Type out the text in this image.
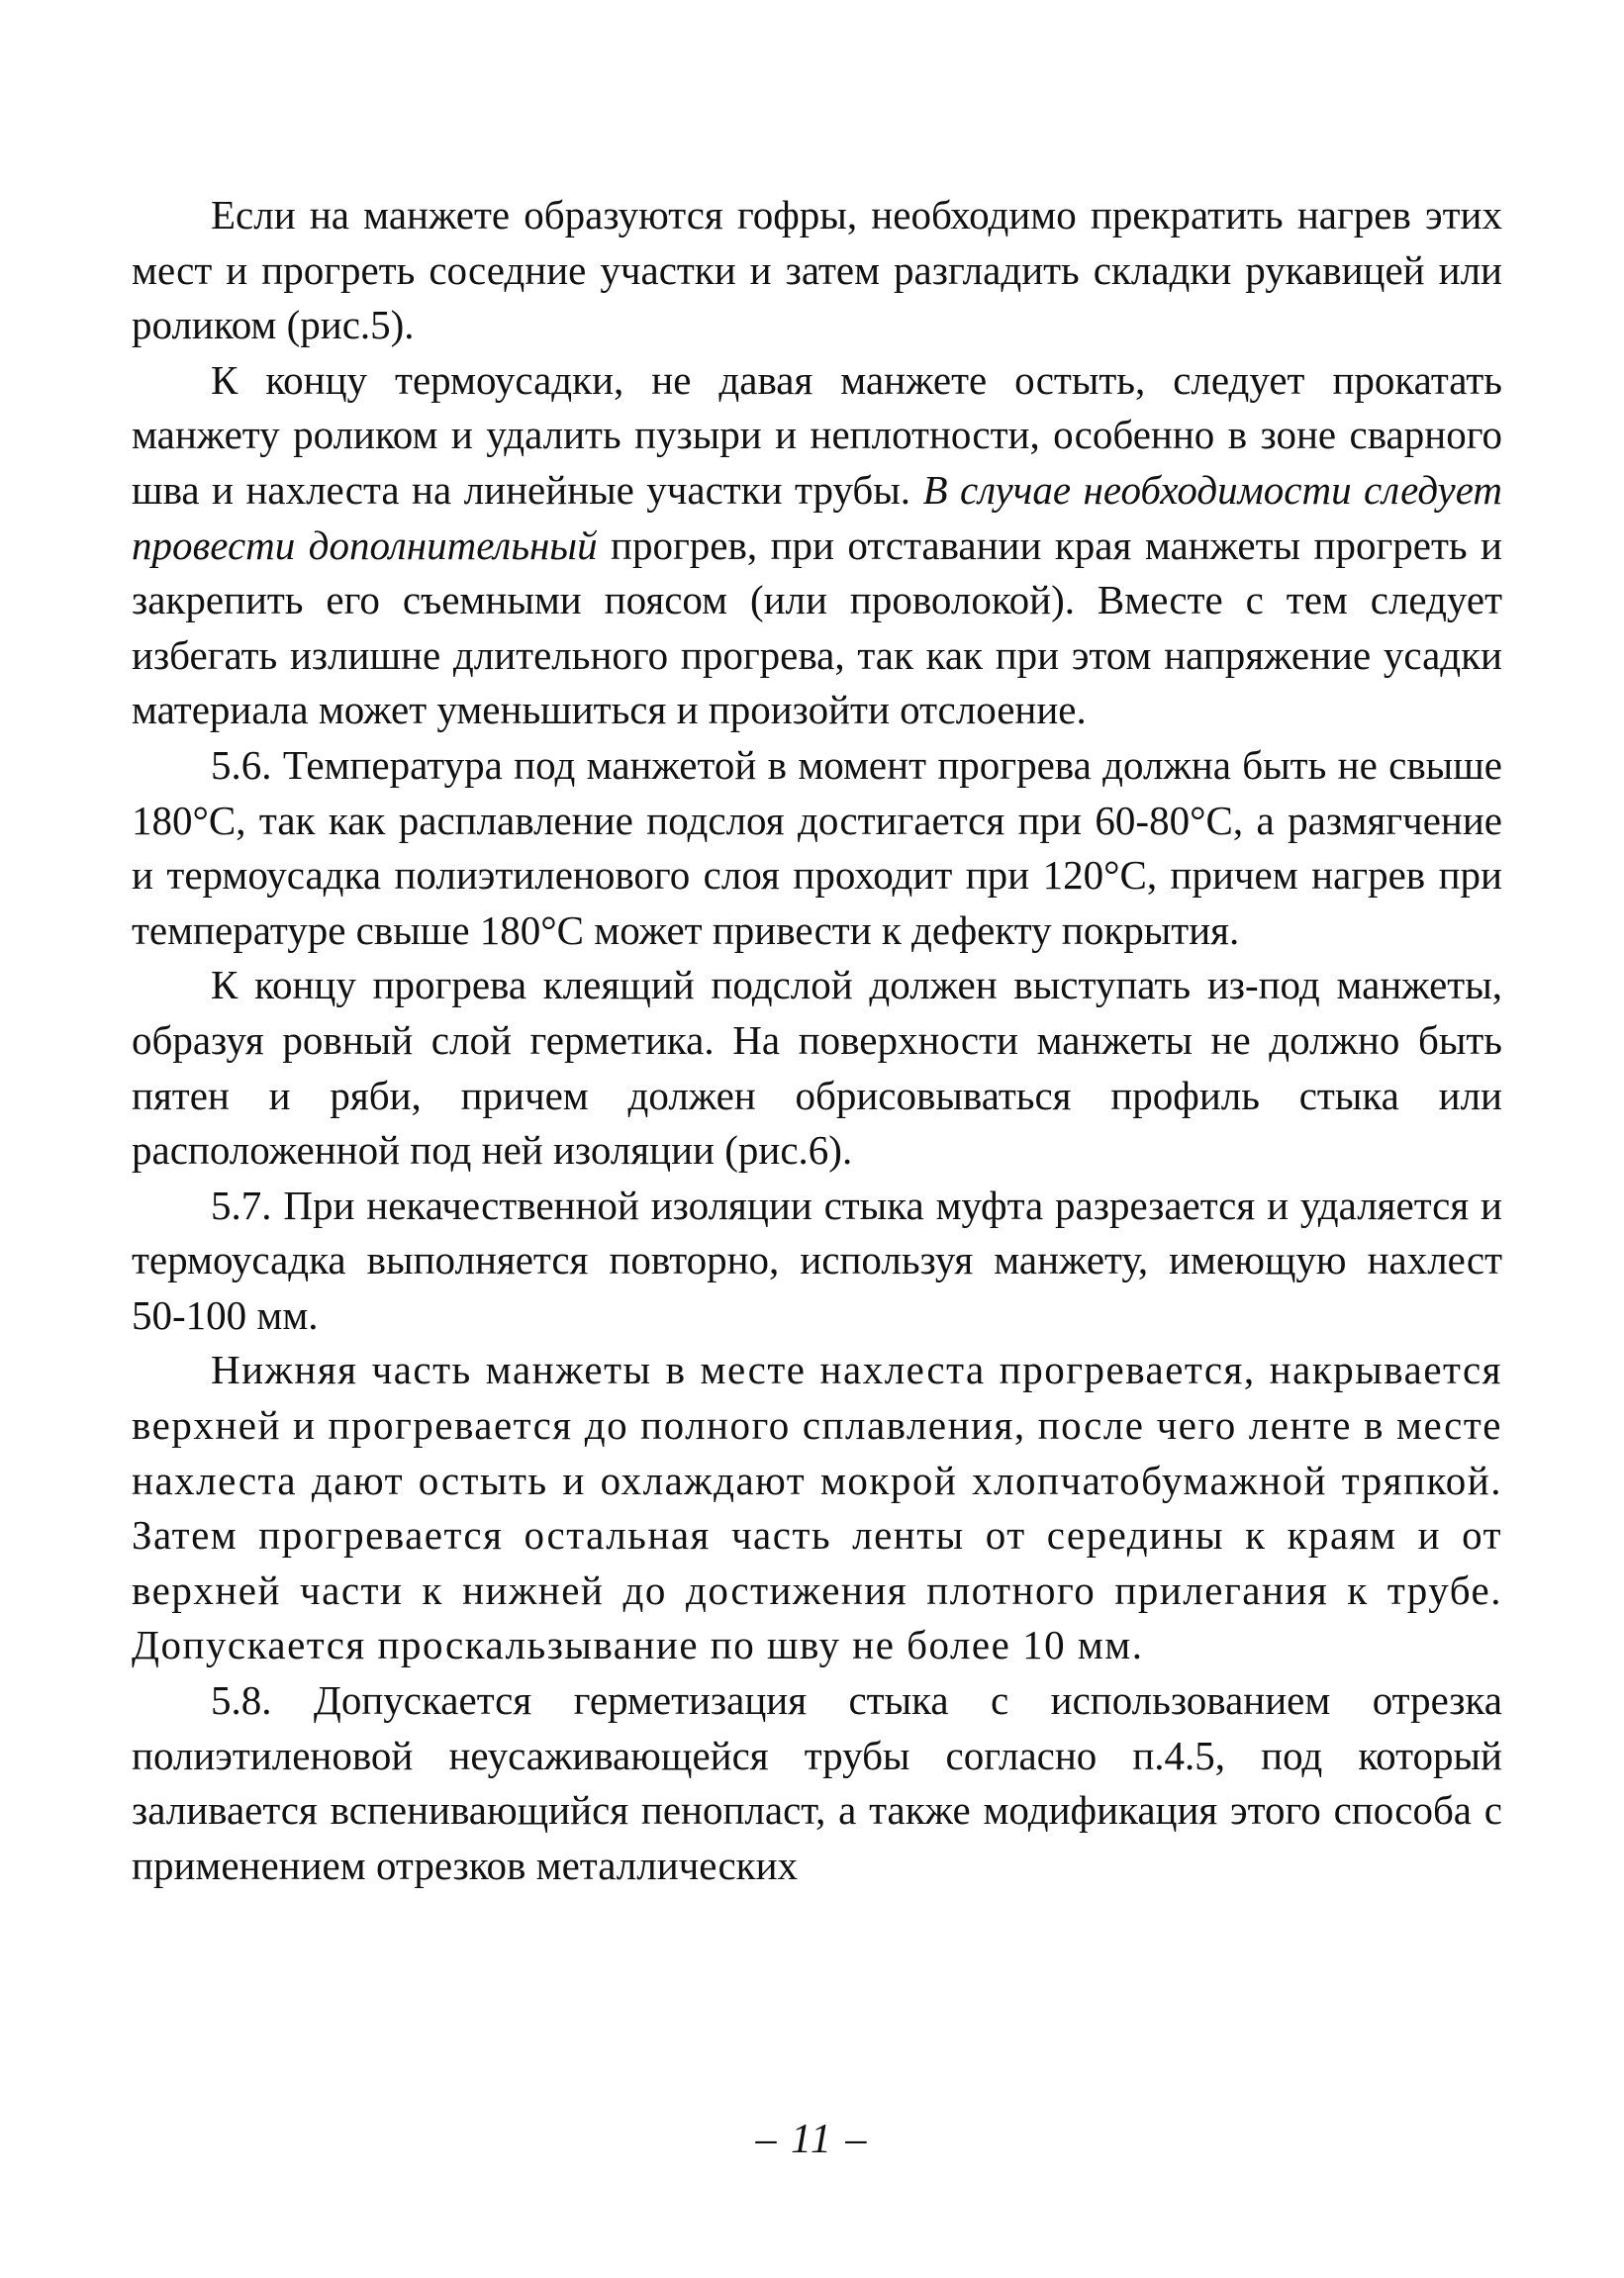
Если на манжете образуются гофры, необходимо прекратить нагрев этих мест и прогреть соседние участки и затем разгладить складки рукавицей или роликом (рис.5).

К концу термоусадки, не давая манжете остыть, следует прокатать манжету роликом и удалить пузыри и неплотности, особенно в зоне сварного шва и нахлеста на линейные участки трубы. В случае необходимости следует провести дополнительный прогрев, при отставании края манжеты прогреть и закрепить его съемными поясом (или проволокой). Вместе с тем следует избегать излишне длительного прогрева, так как при этом напряжение усадки материала может уменьшиться и произойти отслоение.

5.6. Температура под манжетой в момент прогрева должна быть не свыше 180°С, так как расплавление подслоя достигается при 60-80°С, а размягчение и термоусадка полиэтиленового слоя проходит при 120°С, причем нагрев при температуре свыше 180°С может привести к дефекту покрытия.

К концу прогрева клеящий подслой должен выступать из-под манжеты, образуя ровный слой герметика. На поверхности манжеты не должно быть пятен и ряби, причем должен обрисовываться профиль стыка или расположенной под ней изоляции (рис.6).

5.7. При некачественной изоляции стыка муфта разрезается и удаляется и термоусадка выполняется повторно, используя манжету, имеющую нахлест 50-100 мм.

Нижняя часть манжеты в месте нахлеста прогревается, накрывается верхней и прогревается до полного сплавления, после чего ленте в месте нахлеста дают остыть и охлаждают мокрой хлопчатобумажной тряпкой. Затем прогревается остальная часть ленты от середины к краям и от верхней части к нижней до достижения плотного прилегания к трубе. Допускается проскальзывание по шву не более 10 мм.

5.8. Допускается герметизация стыка с использованием отрезка полиэтиленовой неусаживающейся трубы согласно п.4.5, под который заливается вспенивающийся пенопласт, а также модификация этого способа с применением отрезков металлических

– 11 –
